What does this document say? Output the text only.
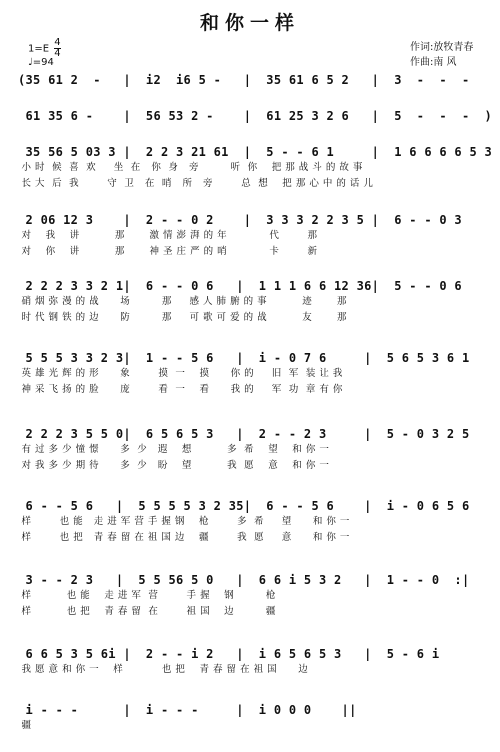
和你一样
$1=E \frac{4}{4}$
♩=94
作词:放牧青春
作曲:南 风
(35 61 2  -   |  i2  i6 5 -   |  35 61 6 5 2   |  3  -  -  -
61 35 6 -    |  56 53 2 -    |  61 25 3 2 6   |  5  -  -  -  )
35 56 5 03 3 |  2 2 3 21 61  |  5 - - 6 1     |  1 6 6 6 6 5 3
小 时  候  喜  欢     坐  在   你  身   旁         听  你    把 那 战 斗 的 故 事
长 大  后  我        守  卫   在  哨   所   旁        总  想    把 那 心 中 的 话 儿
2 06 12 3    |  2 - - 0 2    |  3 3 3 2 2 3 5 |  6 - - 0 3
对    我    讲          那       激 情 澎 湃 的 年            代        那
对    你    讲          那       神 圣 庄 严 的 哨            卡        新
2 2 2 3 3 2 1|  6 - - 0 6   |  1 1 1 6 6 12 36|  5 - - 0 6
硝 烟 弥 漫 的 战      场         那     感 人 肺 腑 的 事          迹       那
时 代 钢 铁 的 边      防         那     可 歌 可 爱 的 战          友       那
5 5 5 3 3 2 3|  1 - - 5 6   |  i - 0 7 6     |  5 6 5 3 6 1
英 雄 光 辉 的 形      象        摸  一    摸      你 的     旧  军  装 让 我
神 采 飞 扬 的 脸      庞        看  一    看      我 的     军  功  章 有 你
2 2 2 3 5 5 0|  6 5 6 5 3   |  2 - - 2 3     |  5 - 0 3 2 5
有 过 多 少 憧 憬      多  少   遐    想          多  希    望    和 你 一
对 我 多 少 期 待      多  少   盼    望          我  愿    意    和 你 一
6 - - 5 6   |  5 5 5 5 3 2 35|  6 - - 5 6    |  i - 0 6 5 6
样        也 能   走 进 军 营 手 握 钢    枪        多  希     望      和 你 一
样        也 把   青 春 留 在 祖 国 边    疆        我  愿     意      和 你 一
3 - - 2 3   |  5 5 56 5 0   |  6 6 i 5 3 2   |  1 - - 0  :|
样          也 能    走 进 军  营        手 握    钢         枪
样          也 把    青 春 留  在        祖 国    边         疆
6 6 5 3 5 6i |  2 - - i 2   |  i 6 5 6 5 3   |  5 - 6 i
我 愿 意 和 你 一    样           也 把    青 春 留 在 祖 国      边
i - - -      |  i - - -     |  i 0 0 0    ||
疆
